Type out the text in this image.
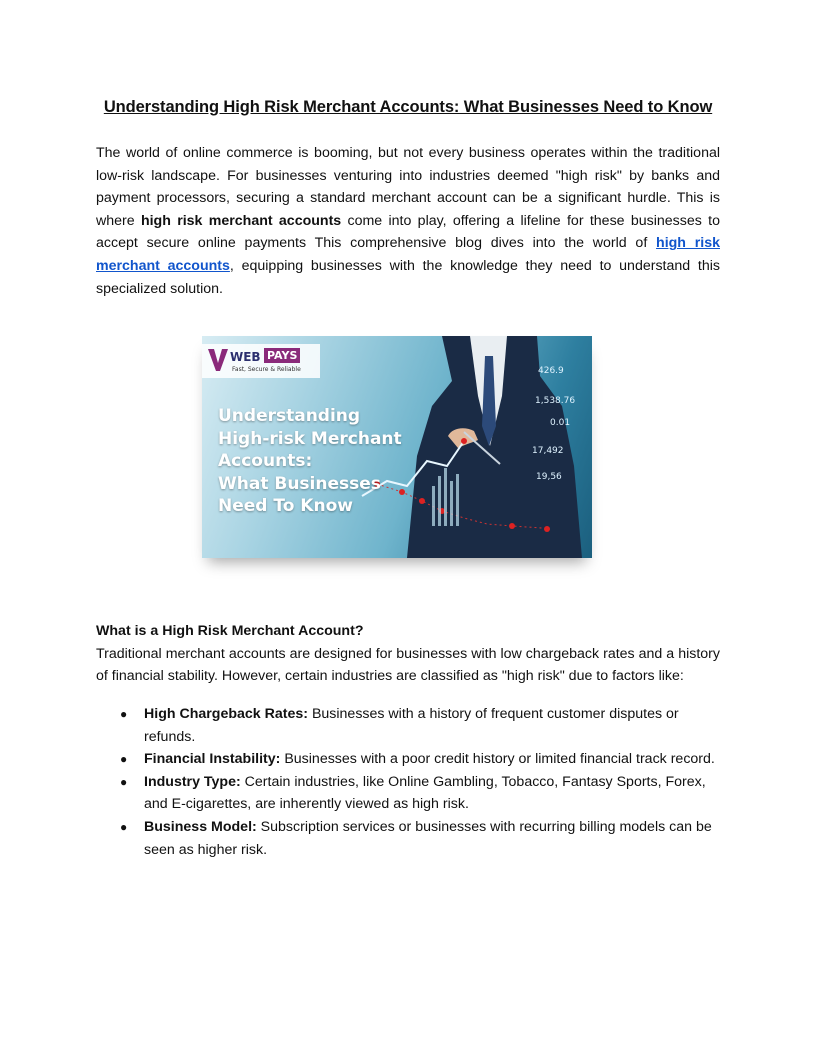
Understanding High Risk Merchant Accounts: What Businesses Need to Know

The world of online commerce is booming, but not every business operates within the traditional low-risk landscape. For businesses venturing into industries deemed "high risk" by banks and payment processors, securing a standard merchant account can be a significant hurdle. This is where high risk merchant accounts come into play, offering a lifeline for these businesses to accept secure online payments This comprehensive blog dives into the world of high risk merchant accounts, equipping businesses with the knowledge they need to understand this specialized solution.

WEB PAYS
Fast, Secure & Reliable
Understanding
High-risk Merchant
Accounts:
What Businesses
Need To Know
426.9
1,538.76
0.01
17,492
19,56
What is a High Risk Merchant Account?

Traditional merchant accounts are designed for businesses with low chargeback rates and a history of financial stability. However, certain industries are classified as "high risk" due to factors like:

● High Chargeback Rates: Businesses with a history of frequent customer disputes or refunds.
● Financial Instability: Businesses with a poor credit history or limited financial track record.
● Industry Type: Certain industries, like Online Gambling, Tobacco, Fantasy Sports, Forex, and E-cigarettes, are inherently viewed as high risk.
● Business Model: Subscription services or businesses with recurring billing models can be seen as higher risk.
